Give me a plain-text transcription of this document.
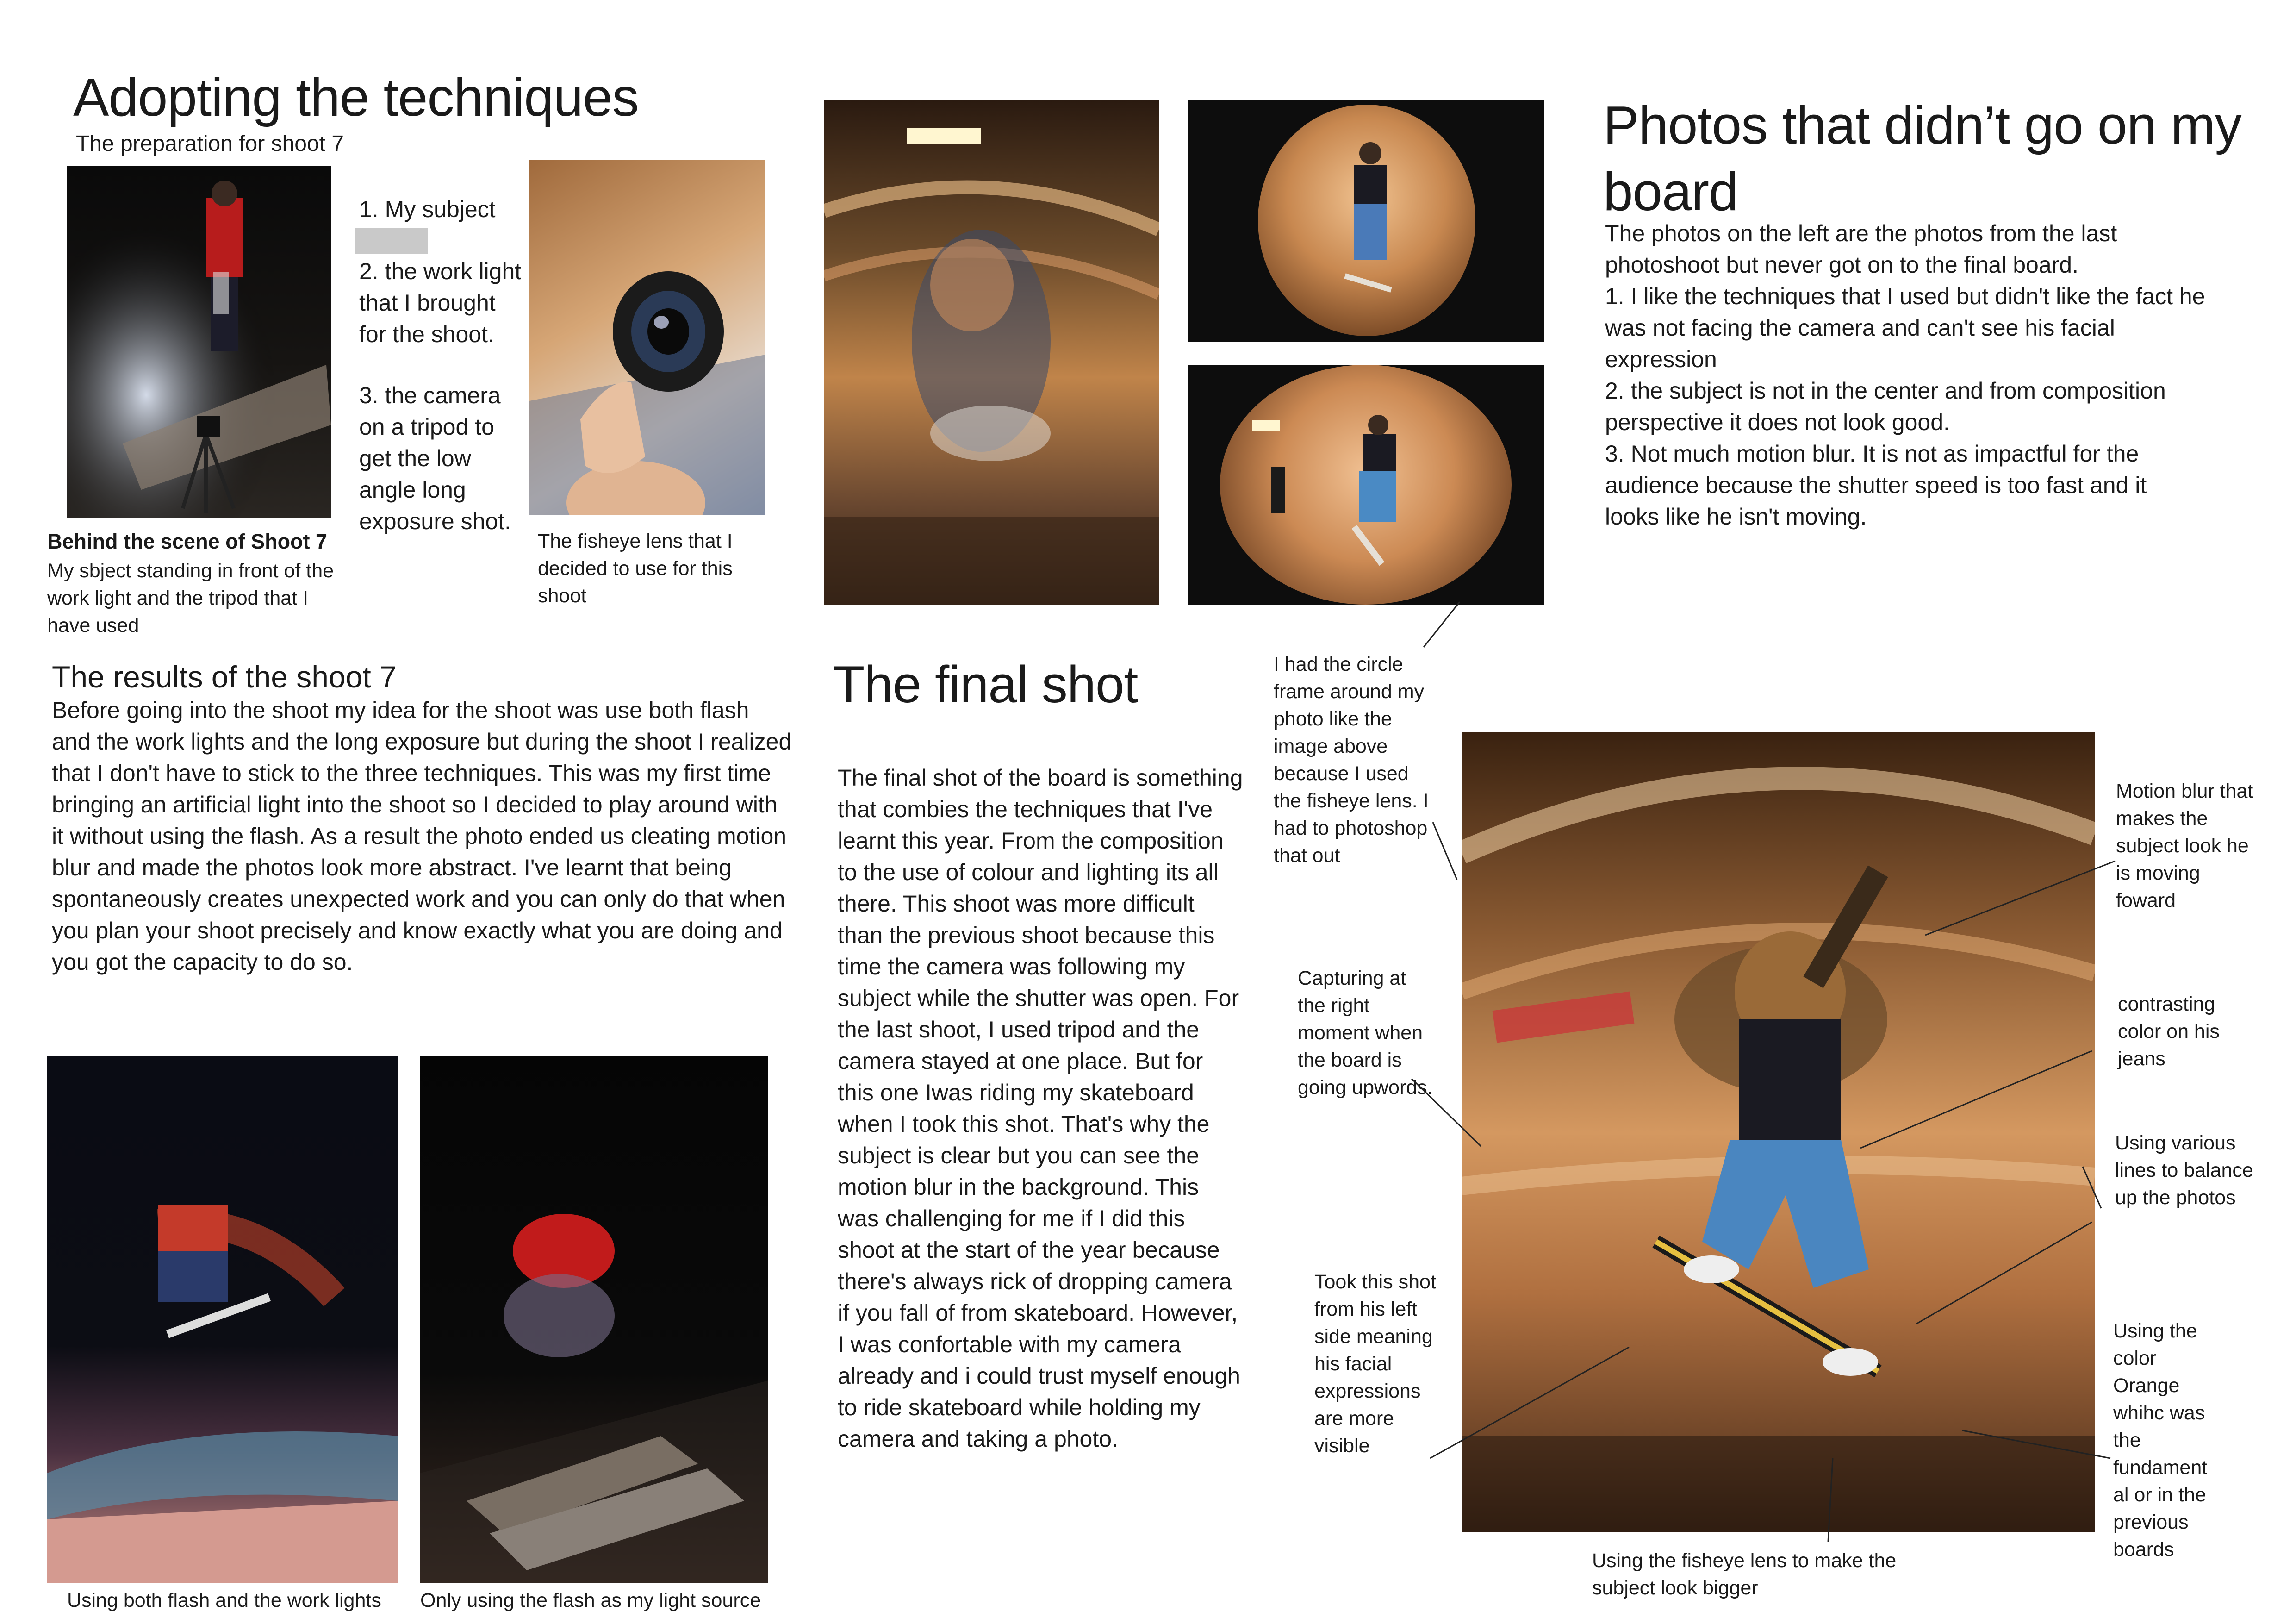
Adopting the techniques
The preparation for shoot 7
1. My subject
2. the work light that I brought for the shoot.
3. the camera on a tripod to get the low angle long exposure shot.
Behind the scene of Shoot 7
My sbject standing in front of the work light and the tripod that I have used
The fisheye lens that I decided to use for this shoot
The results of the shoot 7
Before going into the shoot my idea for the shoot was use both flash and the work lights and the long exposure but during the shoot I realized that I don't have to stick to the three techniques. This was my first time bringing an artificial light into the shoot so I decided to play around with it without using the flash. As a result the photo ended us cleating motion blur and made the photos look more abstract. I've learnt that being spontaneously creates unexpected work and you can only do that when you plan your shoot precisely and know exactly what you are doing and you got the capacity to do so.
Using both flash and the work lights Only using the flash as my light source
The final shot
The final shot of the board is something that combies the techniques that I've learnt this year. From the composition to the use of colour and lighting its all there. This shoot was more difficult than the previous shoot because this time the camera was following my subject while the shutter was open. For the last shoot, I used tripod and the camera stayed at one place. But for this one Iwas riding my skateboard when I took this shot. That's why the subject is clear but you can see the motion blur in the background. This was challenging for me if I did this shoot at the start of the year because there's always rick of dropping camera if you fall of from skateboard. However, I was confortable with my camera already and i could trust myself enough to ride skateboard while holding my camera and taking a photo.
Photos that didn’t go on my board
The photos on the left are the photos from the last photoshoot but never got on to the final board.
1. I like the techniques that I used but didn't like the fact he was not facing the camera and can't see his facial expression
2. the subject is not in the center and from composition perspective it does not look good.
3. Not much motion blur. It is not as impactful for the audience because the shutter speed is too fast and it looks like he isn't moving.
I had the circle frame around my photo like the image above because I used the fisheye lens. I had to photoshop that out
Capturing at the right moment when the board is going upwords.
Took this shot from his left side meaning his facial expressions are more visible
Using the fisheye lens to make the subject look bigger
Motion blur that makes the subject look he is moving foward
contrasting color on his jeans
Using various lines to balance up the photos
Using the color Orange whihc was the fundament al or in the previous boards
